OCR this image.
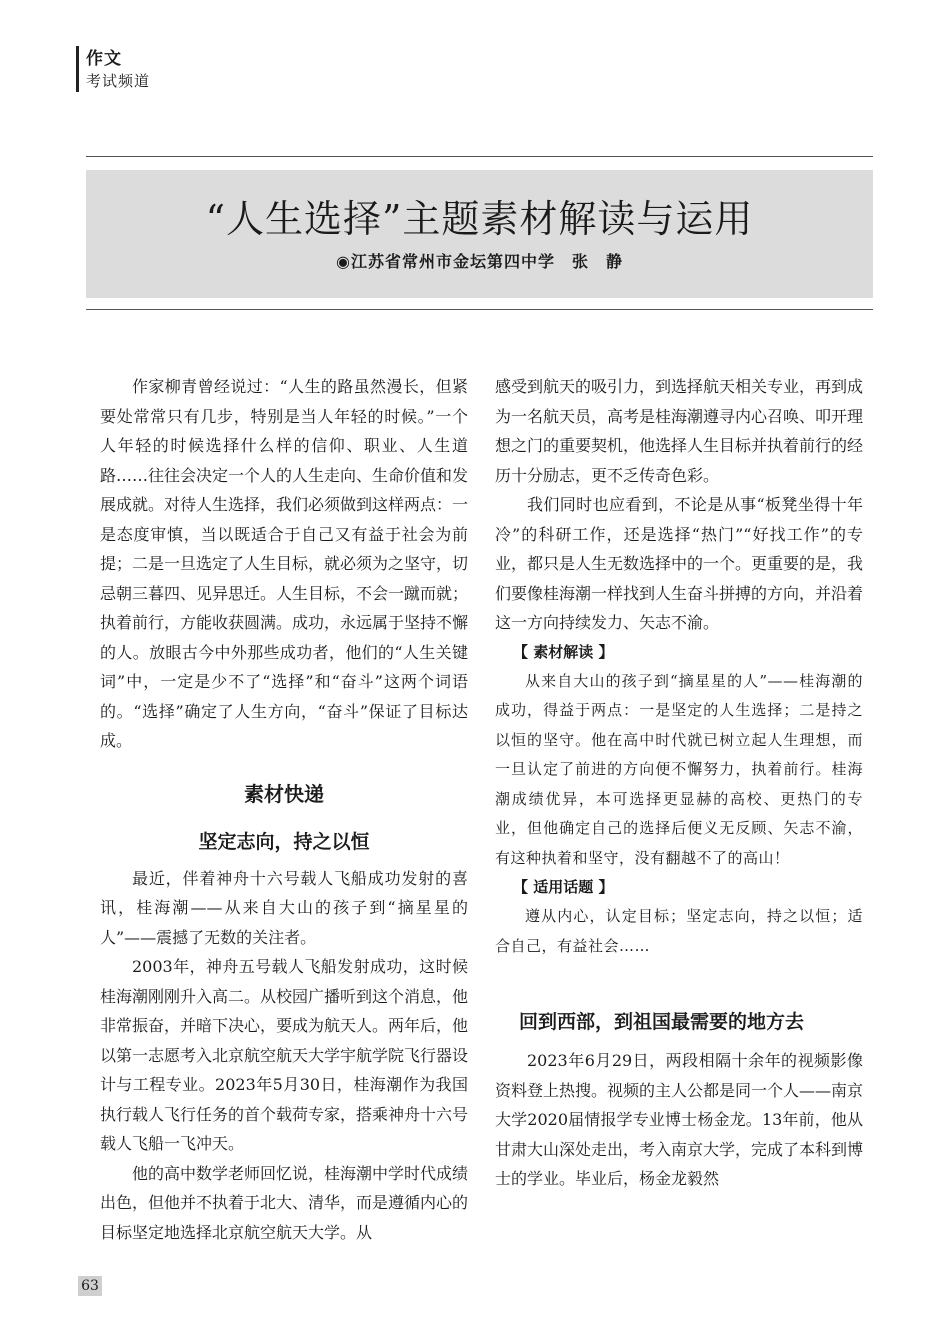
作文
考试频道
“人生选择”主题素材解读与运用
◉江苏省常州市金坛第四中学　张　静

作家柳青曾经说过：“人生的路虽然漫长，但紧要处常常只有几步，特别是当人年轻的时候。”一个人年轻的时候选择什么样的信仰、职业、人生道路……往往会决定一个人的人生走向、生命价值和发展成就。对待人生选择，我们必须做到这样两点：一是态度审慎，当以既适合于自己又有益于社会为前提；二是一旦选定了人生目标，就必须为之坚守，切忌朝三暮四、见异思迁。人生目标，不会一蹴而就；执着前行，方能收获圆满。成功，永远属于坚持不懈的人。放眼古今中外那些成功者，他们的“人生关键词”中，一定是少不了“选择”和“奋斗”这两个词语的。“选择”确定了人生方向，“奋斗”保证了目标达成。

素材快递
坚定志向，持之以恒

最近，伴着神舟十六号载人飞船成功发射的喜讯，桂海潮——从来自大山的孩子到“摘星星的人”——震撼了无数的关注者。

2003年，神舟五号载人飞船发射成功，这时候桂海潮刚刚升入高二。从校园广播听到这个消息，他非常振奋，并暗下决心，要成为航天人。两年后，他以第一志愿考入北京航空航天大学宇航学院飞行器设计与工程专业。2023年5月30日，桂海潮作为我国执行载人飞行任务的首个载荷专家，搭乘神舟十六号载人飞船一飞冲天。

他的高中数学老师回忆说，桂海潮中学时代成绩出色，但他并不执着于北大、清华，而是遵循内心的目标坚定地选择北京航空航天大学。从

感受到航天的吸引力，到选择航天相关专业，再到成为一名航天员，高考是桂海潮遵寻内心召唤、叩开理想之门的重要契机，他选择人生目标并执着前行的经历十分励志，更不乏传奇色彩。

我们同时也应看到，不论是从事“板凳坐得十年冷”的科研工作，还是选择“热门”“好找工作”的专业，都只是人生无数选择中的一个。更重要的是，我们要像桂海潮一样找到人生奋斗拼搏的方向，并沿着这一方向持续发力、矢志不渝。

【 素材解读 】

从来自大山的孩子到“摘星星的人”——桂海潮的成功，得益于两点：一是坚定的人生选择；二是持之以恒的坚守。他在高中时代就已树立起人生理想，而一旦认定了前进的方向便不懈努力，执着前行。桂海潮成绩优异，本可选择更显赫的高校、更热门的专业，但他确定自己的选择后便义无反顾、矢志不渝，有这种执着和坚守，没有翻越不了的高山！

【 适用话题 】

遵从内心，认定目标；坚定志向，持之以恒；适合自己，有益社会……

回到西部，到祖国最需要的地方去

2023年6月29日，两段相隔十余年的视频影像资料登上热搜。视频的主人公都是同一个人——南京大学2020届情报学专业博士杨金龙。13年前，他从甘肃大山深处走出，考入南京大学，完成了本科到博士的学业。毕业后，杨金龙毅然

63
